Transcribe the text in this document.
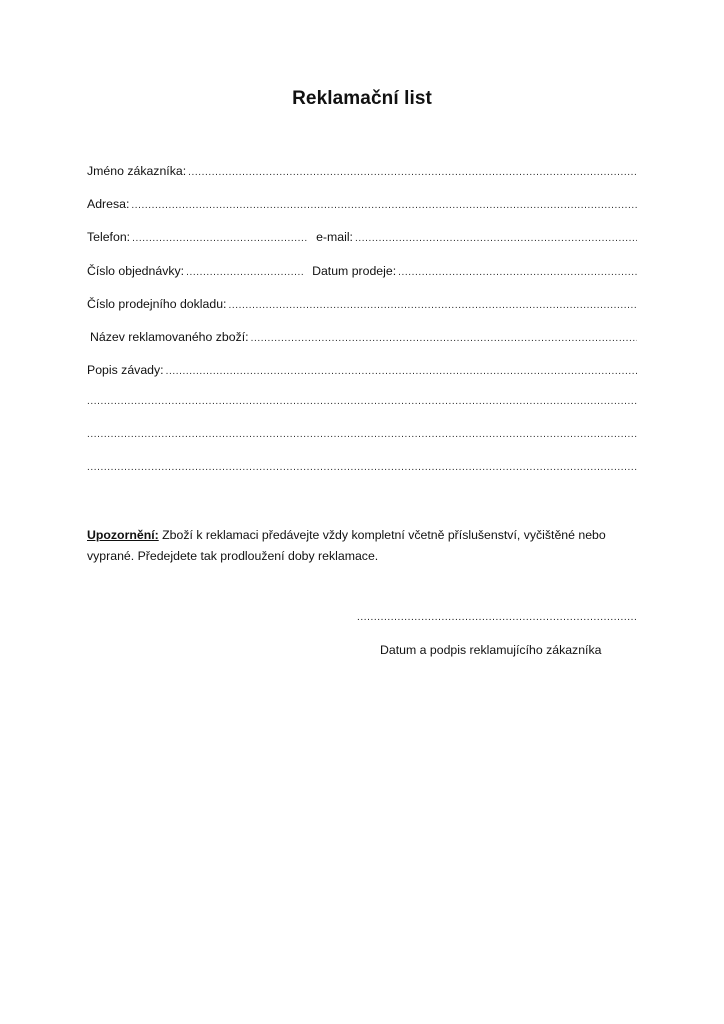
Reklamační list
Jméno zákazníka:
.....
Adresa:
.....
Telefon: .....	e-mail:
.....
Číslo objednávky: .....	Datum prodeje:
.....
Číslo prodejního dokladu:
.....
Název reklamovaného zboží:
.....
Popis závady:
.....
.....
.....
.....
Upozornění: Zboží k reklamaci předávejte vždy kompletní včetně příslušenství, vyčištěné nebo vyprané. Předejdete tak prodloužení doby reklamace.
.....
Datum a podpis reklamujícího zákazníka
